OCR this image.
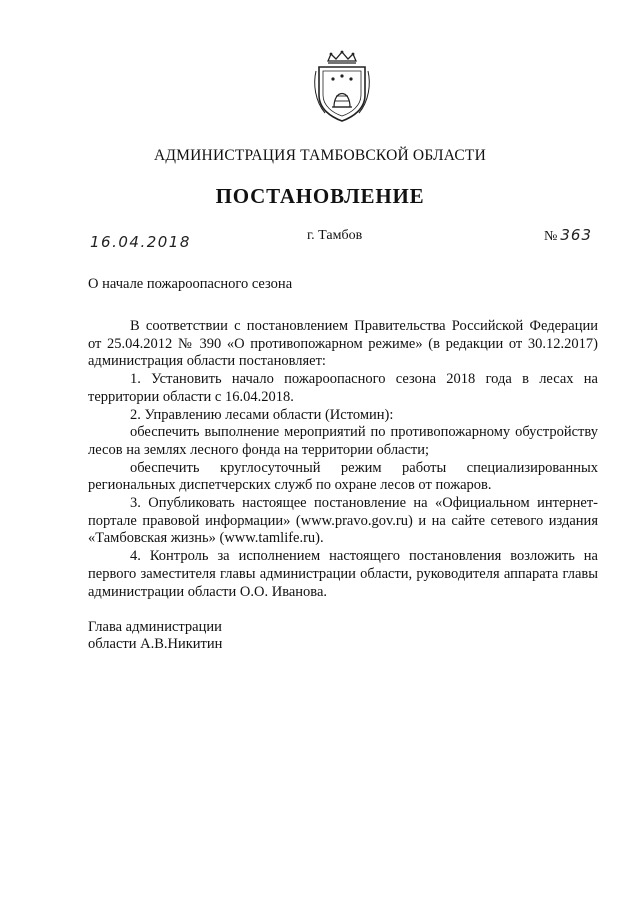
АДМИНИСТРАЦИЯ ТАМБОВСКОЙ ОБЛАСТИ
ПОСТАНОВЛЕНИЕ
16.04.2018	г. Тамбов	№ 363
О начале пожароопасного сезона

В соответствии с постановлением Правительства Российской Федерации от 25.04.2012 № 390 «О противопожарном режиме» (в редакции от 30.12.2017) администрация области постановляет:

1. Установить начало пожароопасного сезона 2018 года в лесах на территории области с 16.04.2018.

2. Управлению лесами области (Истомин):

обеспечить выполнение мероприятий по противопожарному обустройству лесов на землях лесного фонда на территории области;

обеспечить круглосуточный режим работы специализированных региональных диспетчерских служб по охране лесов от пожаров.

3. Опубликовать настоящее постановление на «Официальном интернет-портале правовой информации» (www.pravo.gov.ru) и на сайте сетевого издания «Тамбовская жизнь» (www.tamlife.ru).

4. Контроль за исполнением настоящего постановления возложить на первого заместителя главы администрации области, руководителя аппарата главы администрации области О.О. Иванова.

Глава администрации
области А.В.Никитин
